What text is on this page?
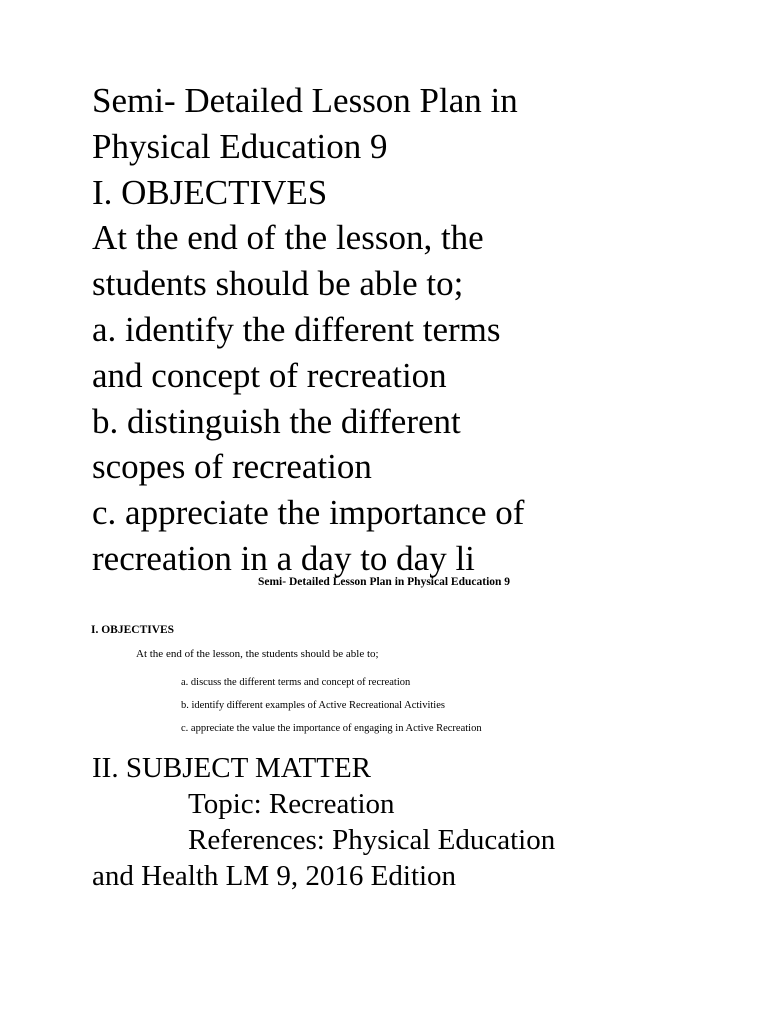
Semi- Detailed Lesson Plan in
Physical Education 9
I. OBJECTIVES
At the end of the lesson, the
students should be able to;
a. identify the different terms
and concept of recreation
b. distinguish the different
scopes of recreation
c. appreciate the importance of
recreation in a day to day li
Semi- Detailed Lesson Plan in Physical Education 9
I. OBJECTIVES
At the end of the lesson, the students should be able to;
a. discuss the different terms and concept of recreation
b. identify different examples of Active Recreational Activities
c. appreciate the value the importance of engaging in Active Recreation
II. SUBJECT MATTER
Topic: Recreation
References: Physical Education
and Health LM 9, 2016 Edition
